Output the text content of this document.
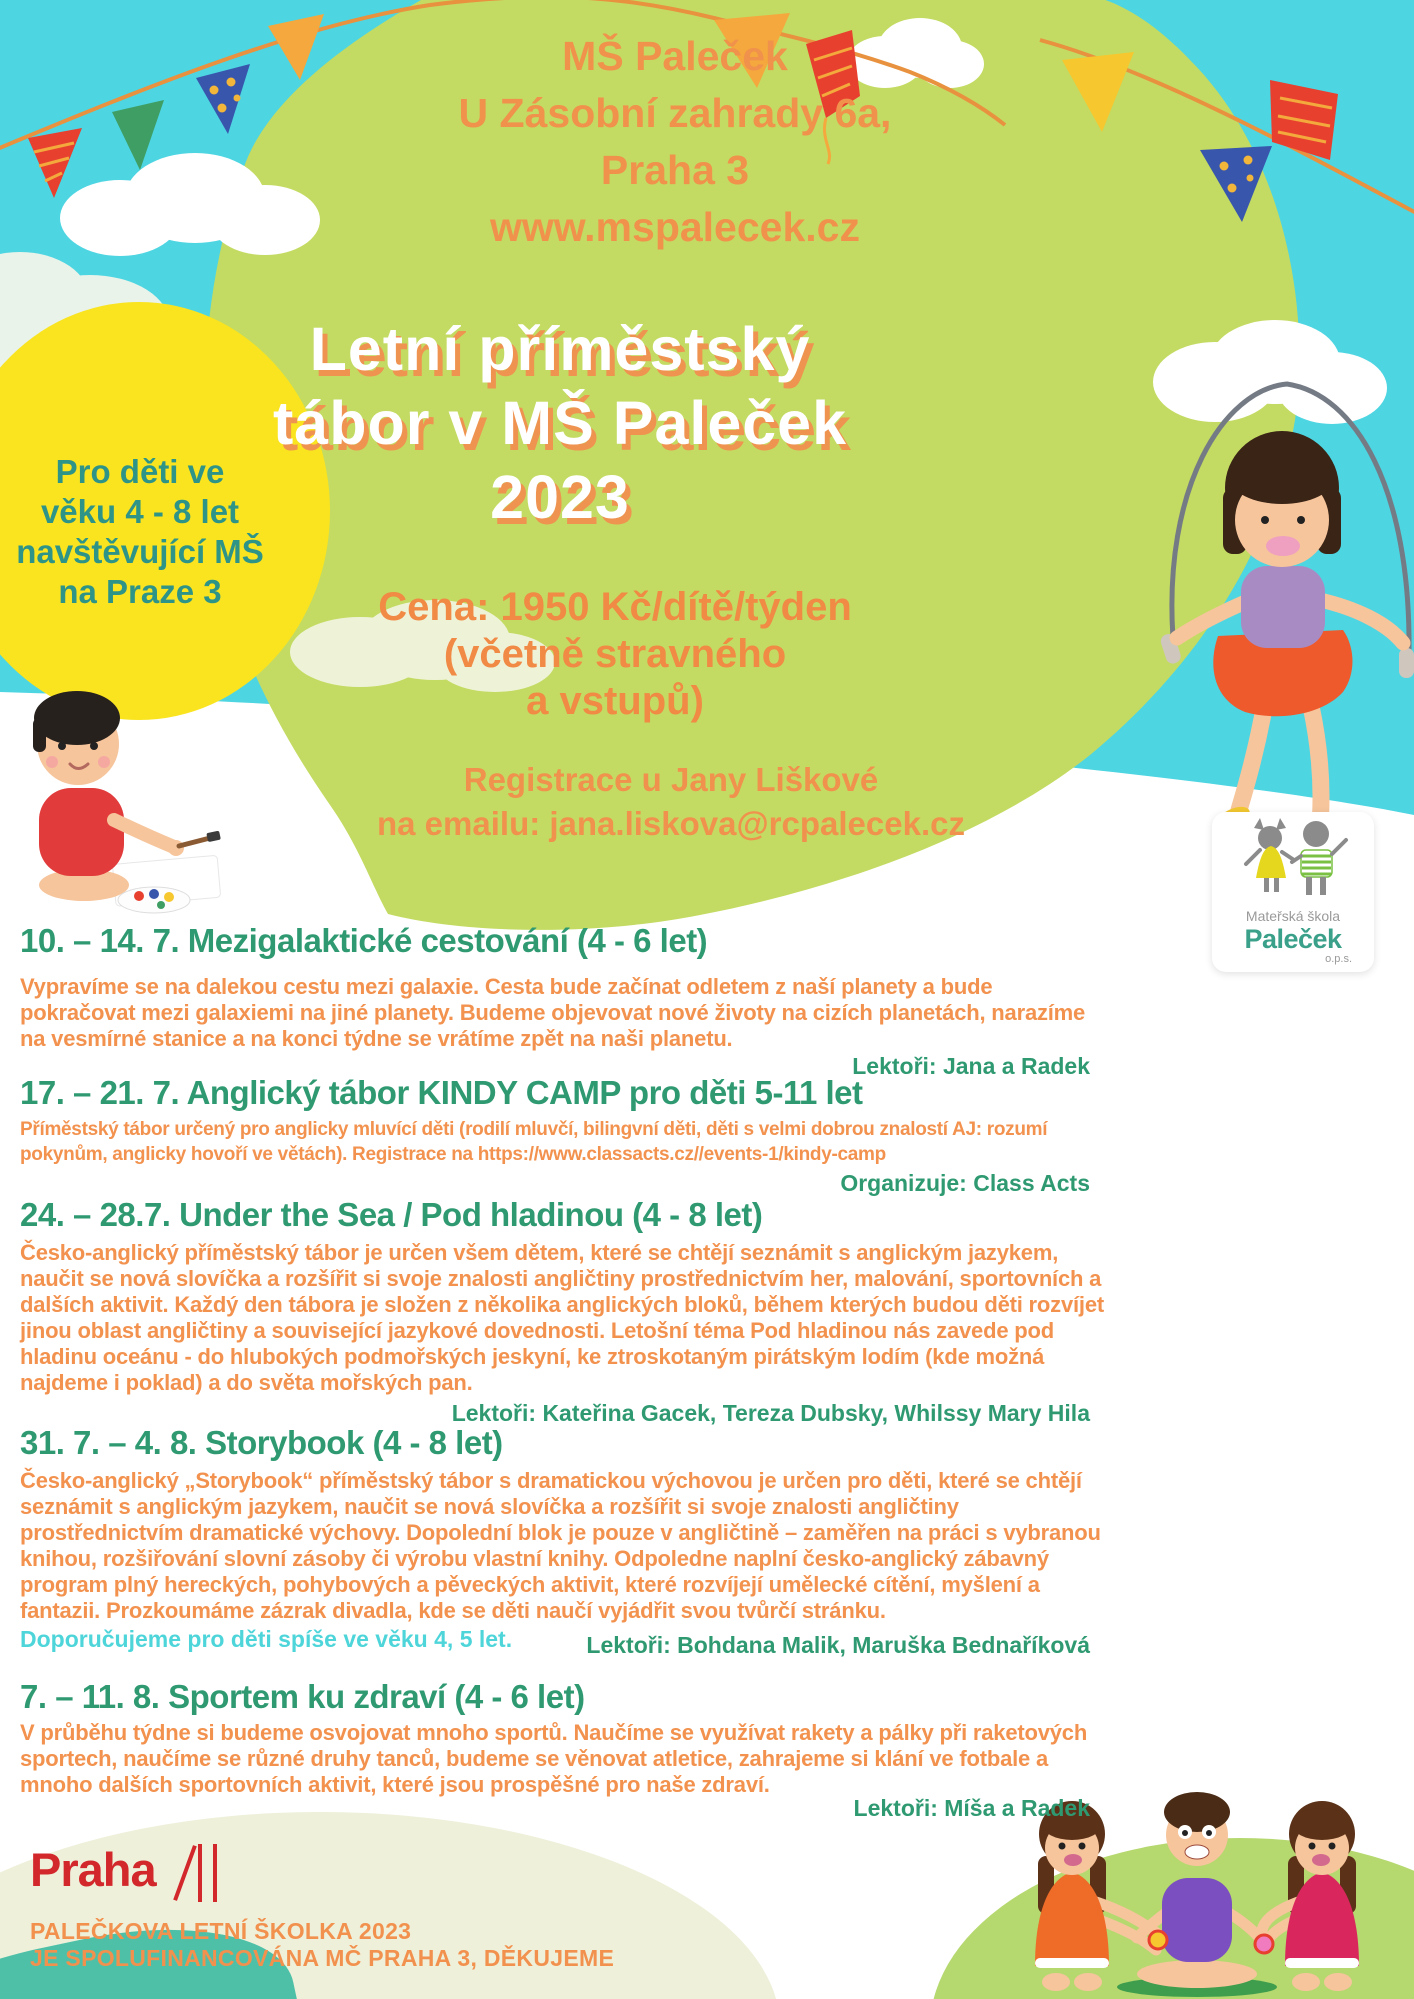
Pro děti ve
věku 4 - 8 let
navštěvující MŠ
na Praze 3
MŠ Paleček
U Zásobní zahrady 6a,
Praha 3
www.mspalecek.cz
Letní příměstský
tábor v MŠ Paleček
2023
Cena: 1950 Kč/dítě/týden
(včetně stravného
a vstupů)
Registrace u Jany Liškové
na emailu: jana.liskova@rcpalecek.cz
Mateřská škola
Paleček
o.p.s.
10. – 14. 7. Mezigalaktické cestování (4 - 6 let)
Vypravíme se na dalekou cestu mezi galaxie. Cesta bude začínat odletem z naší planety a bude pokračovat mezi galaxiemi na jiné planety. Budeme objevovat nové životy na cizích planetách, narazíme na vesmírné stanice a na konci týdne se vrátíme zpět na naši planetu.
Lektoři: Jana a Radek
17. – 21. 7. Anglický tábor KINDY CAMP pro děti 5-11 let
Příměstský tábor určený pro anglicky mluvící děti (rodilí mluvčí, bilingvní děti, děti s velmi dobrou znalostí AJ: rozumí pokynům, anglicky hovoří ve větách). Registrace na https://www.classacts.cz//events-1/kindy-camp
Organizuje: Class Acts
24. – 28.7. Under the Sea / Pod hladinou (4 - 8 let)
Česko-anglický příměstský tábor je určen všem dětem, které se chtějí seznámit s anglickým jazykem, naučit se nová slovíčka a rozšířit si svoje znalosti angličtiny prostřednictvím her, malování, sportovních a dalších aktivit. Každý den tábora je složen z několika anglických bloků, během kterých budou děti rozvíjet jinou oblast angličtiny a související jazykové dovednosti. Letošní téma Pod hladinou nás zavede pod hladinu oceánu - do hlubokých podmořských jeskyní, ke ztroskotaným pirátským lodím (kde možná najdeme i poklad) a do světa mořských pan.
Lektoři: Kateřina Gacek, Tereza Dubsky, Whilssy Mary Hila
31. 7. – 4. 8. Storybook (4 - 8 let)
Česko-anglický „Storybook“ příměstský tábor s dramatickou výchovou je určen pro děti, které se chtějí seznámit s anglickým jazykem, naučit se nová slovíčka a rozšířit si svoje znalosti angličtiny prostřednictvím dramatické výchovy. Dopolední blok je pouze v angličtině – zaměřen na práci s vybranou knihou, rozšiřování slovní zásoby či výrobu vlastní knihy. Odpoledne naplní česko-anglický zábavný program plný hereckých, pohybových a pěveckých aktivit, které rozvíjejí umělecké cítění, myšlení a fantazii. Prozkoumáme zázrak divadla, kde se děti naučí vyjádřit svou tvůrčí stránku.
Doporučujeme pro děti spíše ve věku 4, 5 let.	Lektoři: Bohdana Malik, Maruška Bednaříková
7. – 11. 8. Sportem ku zdraví (4 - 6 let)
V průběhu týdne si budeme osvojovat mnoho sportů. Naučíme se využívat rakety a pálky při raketových sportech, naučíme se různé druhy tanců, budeme se věnovat atletice, zahrajeme si klání ve fotbale a mnoho dalších sportovních aktivit, které jsou prospěšné pro naše zdraví.
Lektoři: Míša a Radek
Praha
PALEČKOVA LETNÍ ŠKOLKA 2023
JE SPOLUFINANCOVÁNA MČ PRAHA 3, DĚKUJEME
